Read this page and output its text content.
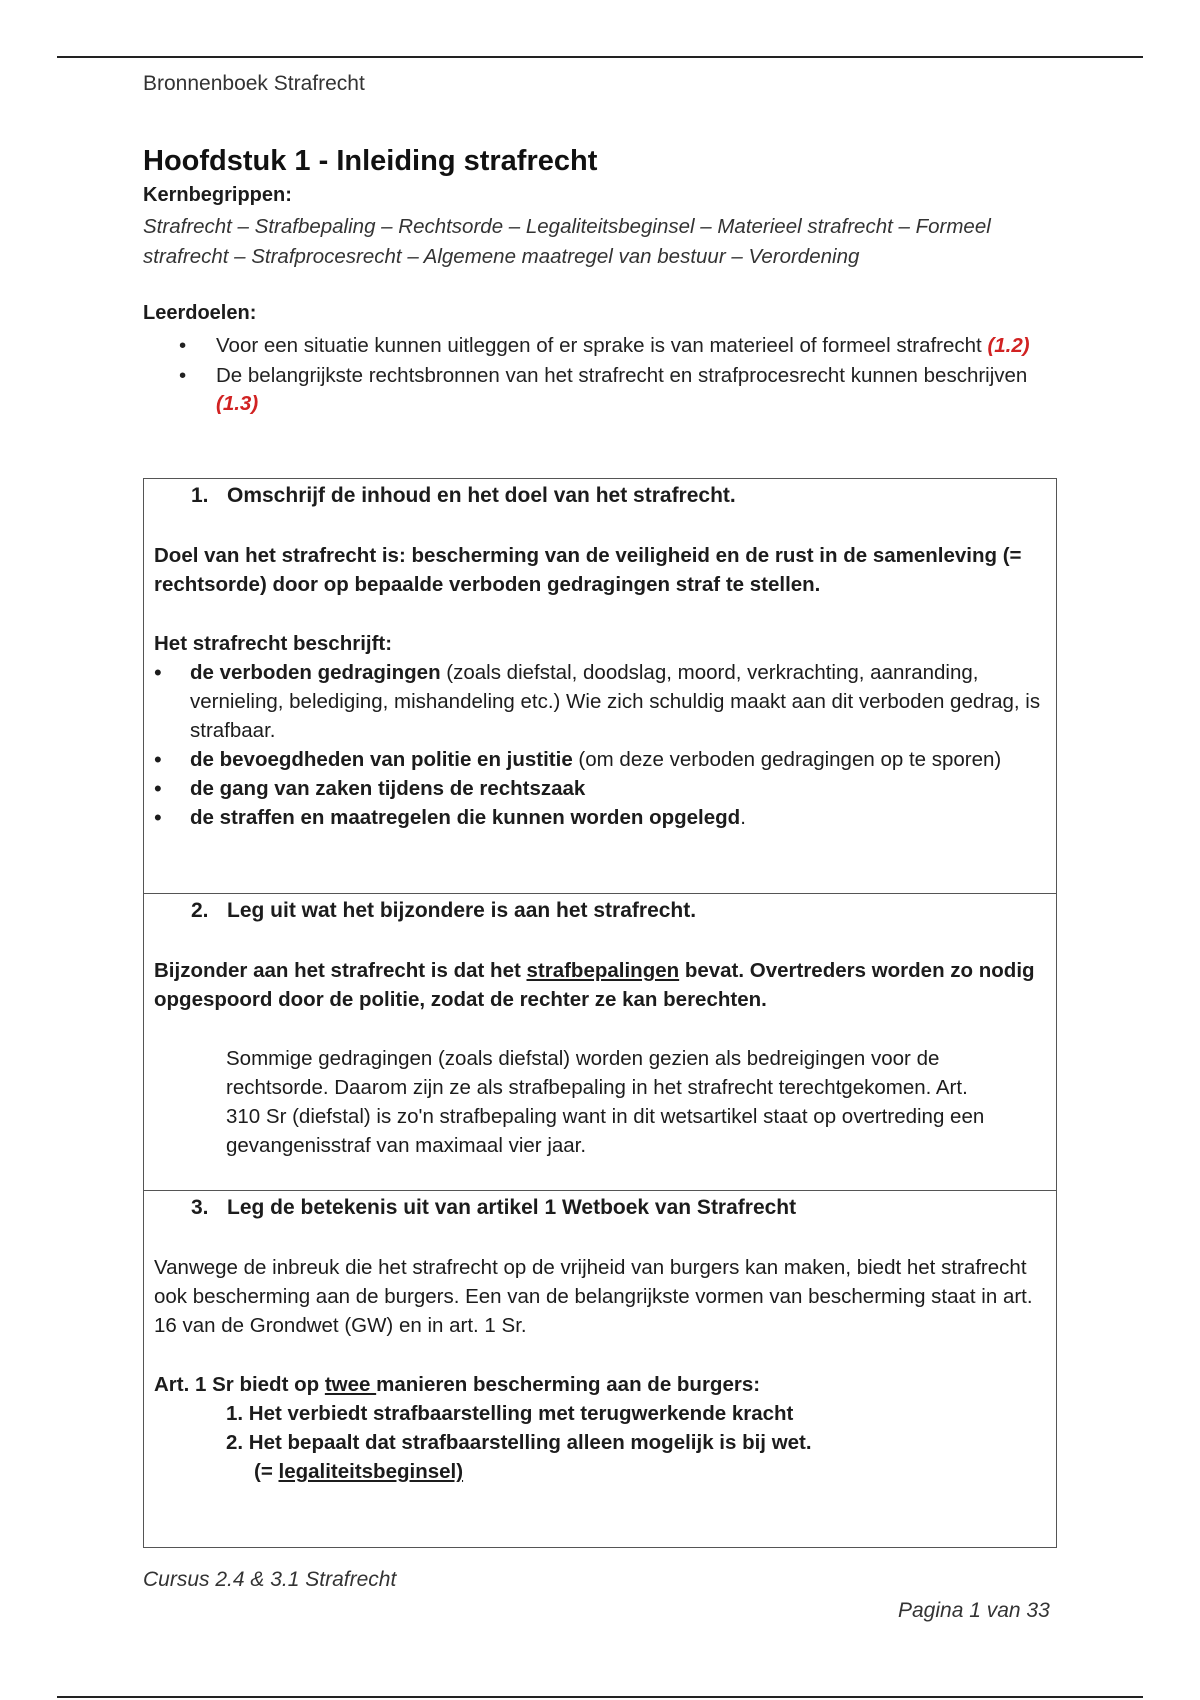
Bronnenboek Strafrecht
Hoofdstuk 1 - Inleiding strafrecht
Kernbegrippen:
Strafrecht – Strafbepaling – Rechtsorde – Legaliteitsbeginsel – Materieel strafrecht – Formeel strafrecht – Strafprocesrecht – Algemene maatregel van bestuur – Verordening
Leerdoelen:
• Voor een situatie kunnen uitleggen of er sprake is van materieel of formeel strafrecht (1.2)
• De belangrijkste rechtsbronnen van het strafrecht en strafprocesrecht kunnen beschrijven (1.3)

1. Omschrijf de inhoud en het doel van het strafrecht.

Doel van het strafrecht is: bescherming van de veiligheid en de rust in de samenleving (= rechtsorde) door op bepaalde verboden gedragingen straf te stellen.

Het strafrecht beschrijft:

• de verboden gedragingen (zoals diefstal, doodslag, moord, verkrachting, aanranding, vernieling, belediging, mishandeling etc.) Wie zich schuldig maakt aan dit verboden gedrag, is strafbaar.
• de bevoegdheden van politie en justitie (om deze verboden gedragingen op te sporen)
• de gang van zaken tijdens de rechtszaak
• de straffen en maatregelen die kunnen worden opgelegd.

2. Leg uit wat het bijzondere is aan het strafrecht.

Bijzonder aan het strafrecht is dat het strafbepalingen bevat. Overtreders worden zo nodig opgespoord door de politie, zodat de rechter ze kan berechten.

Sommige gedragingen (zoals diefstal) worden gezien als bedreigingen voor de rechtsorde. Daarom zijn ze als strafbepaling in het strafrecht terechtgekomen. Art. 310 Sr (diefstal) is zo'n strafbepaling want in dit wetsartikel staat op overtreding een gevangenisstraf van maximaal vier jaar.

3. Leg de betekenis uit van artikel 1 Wetboek van Strafrecht

Vanwege de inbreuk die het strafrecht op de vrijheid van burgers kan maken, biedt het strafrecht ook bescherming aan de burgers. Een van de belangrijkste vormen van bescherming staat in art. 16 van de Grondwet (GW) en in art. 1 Sr.

Art. 1 Sr biedt op twee manieren bescherming aan de burgers:

1. Het verbiedt strafbaarstelling met terugwerkende kracht
2. Het bepaalt dat strafbaarstelling alleen mogelijk is bij wet.
(= legaliteitsbeginsel)
Cursus 2.4 & 3.1 Strafrecht
Pagina 1 van 33
